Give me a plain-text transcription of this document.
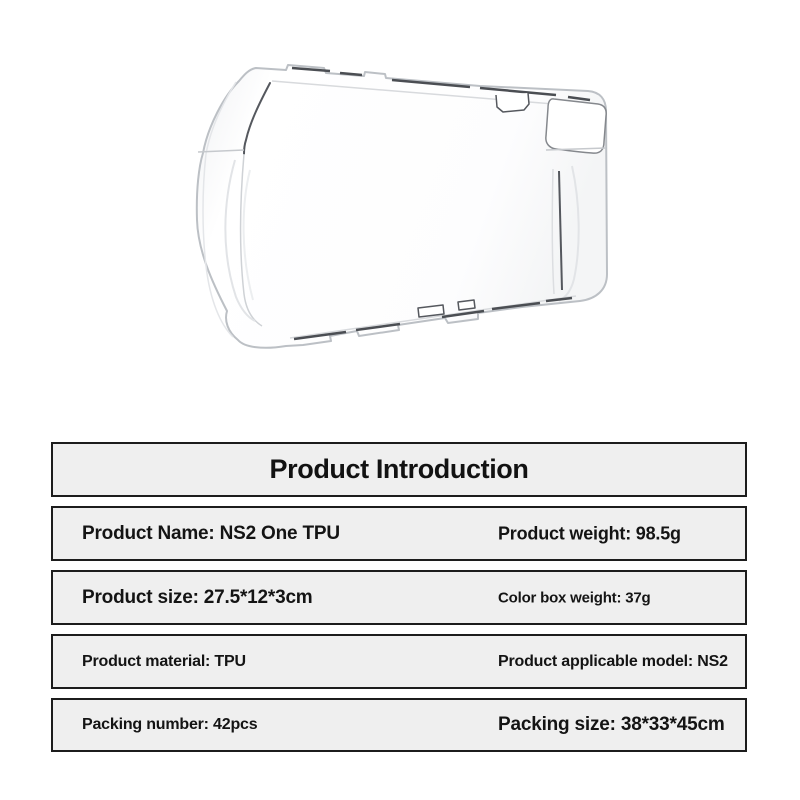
Product Introduction
Product Name: NS2 One TPU	Product weight: 98.5g
Product size: 27.5*12*3cm	Color box weight: 37g
Product material: TPU	Product applicable model: NS2
Packing number: 42pcs	Packing size: 38*33*45cm
